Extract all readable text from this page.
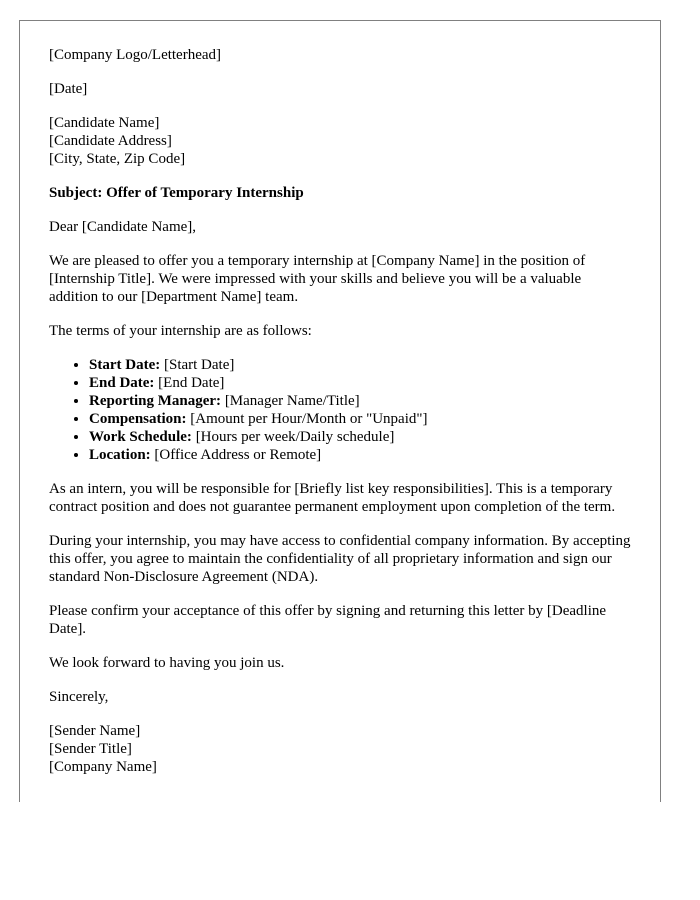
[Company Logo/Letterhead]

[Date]

[Candidate Name]
[Candidate Address]
[City, State, Zip Code]

Subject: Offer of Temporary Internship

Dear [Candidate Name],

We are pleased to offer you a temporary internship at [Company Name] in the position of [Internship Title]. We were impressed with your skills and believe you will be a valuable addition to our [Department Name] team.

The terms of your internship are as follows:

• Start Date: [Start Date]
• End Date: [End Date]
• Reporting Manager: [Manager Name/Title]
• Compensation: [Amount per Hour/Month or "Unpaid"]
• Work Schedule: [Hours per week/Daily schedule]
• Location: [Office Address or Remote]

As an intern, you will be responsible for [Briefly list key responsibilities]. This is a temporary contract position and does not guarantee permanent employment upon completion of the term.

During your internship, you may have access to confidential company information. By accepting this offer, you agree to maintain the confidentiality of all proprietary information and sign our standard Non-Disclosure Agreement (NDA).

Please confirm your acceptance of this offer by signing and returning this letter by [Deadline Date].

We look forward to having you join us.

Sincerely,

[Sender Name]
[Sender Title]
[Company Name]
